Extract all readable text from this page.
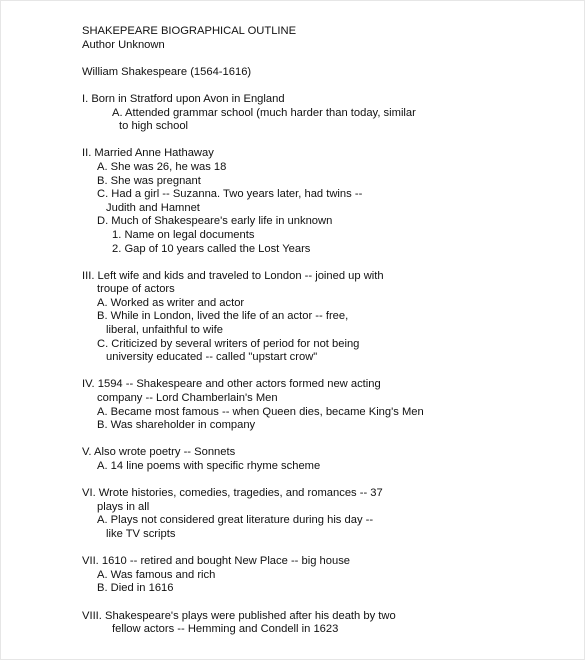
SHAKEPEARE BIOGRAPHICAL OUTLINE
Author Unknown
William Shakespeare (1564-1616)
I. Born in Stratford upon Avon in England
A. Attended grammar school (much harder than today, similar
to high school
II. Married Anne Hathaway
A. She was 26, he was 18
B. She was pregnant
C. Had a girl -- Suzanna. Two years later, had twins --
Judith and Hamnet
D. Much of Shakespeare's early life in unknown
1. Name on legal documents
2. Gap of 10 years called the Lost Years
III. Left wife and kids and traveled to London -- joined up with
troupe of actors
A. Worked as writer and actor
B. While in London, lived the life of an actor -- free,
liberal, unfaithful to wife
C. Criticized by several writers of period for not being
university educated -- called "upstart crow"
IV. 1594 -- Shakespeare and other actors formed new acting
company -- Lord Chamberlain's Men
A. Became most famous -- when Queen dies, became King's Men
B. Was shareholder in company
V. Also wrote poetry -- Sonnets
A. 14 line poems with specific rhyme scheme
VI. Wrote histories, comedies, tragedies, and romances -- 37
plays in all
A. Plays not considered great literature during his day --
like TV scripts
VII. 1610 -- retired and bought New Place -- big house
A. Was famous and rich
B. Died in 1616
VIII. Shakespeare's plays were published after his death by two
fellow actors -- Hemming and Condell in 1623
